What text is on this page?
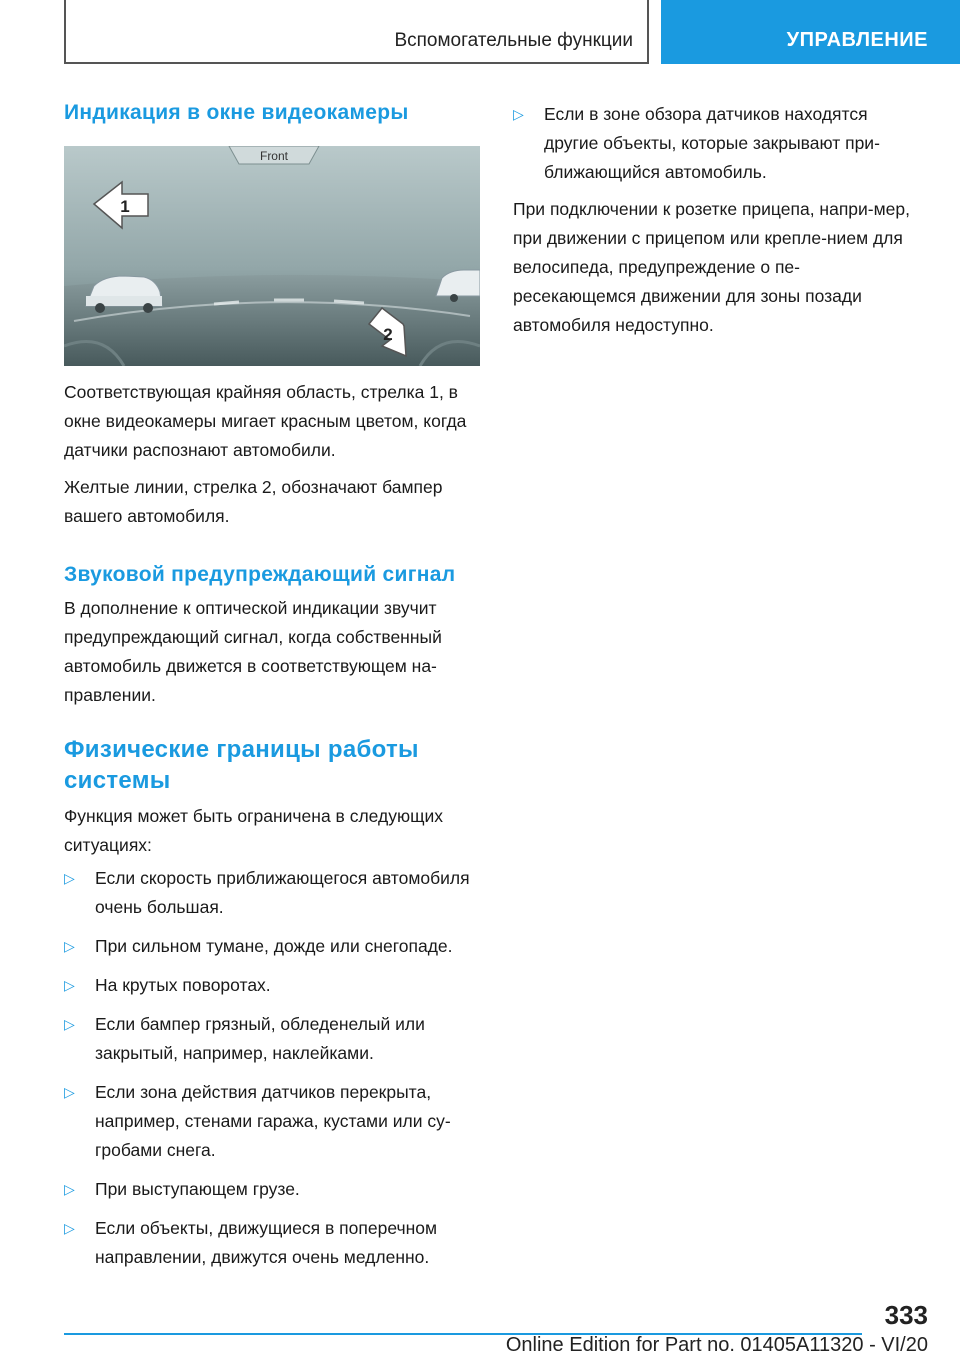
Вспомогательные функции	УПРАВЛЕНИЕ
Индикация в окне видеокамеры
Front
1
2

Соответствующая крайняя область, стрелка 1, в окне видеокамеры мигает красным цветом, когда датчики распознают автомобили.

Желтые линии, стрелка 2, обозначают бампер вашего автомобиля.

Звуковой предупреждающий сигнал

В дополнение к оптической индикации звучит предупреждающий сигнал, когда собственный автомобиль движется в соответствующем на-правлении.

Физические границы работы системы

Функция может быть ограничена в следующих ситуациях:

▷ Если скорость приближающегося автомобиля очень большая.
▷ При сильном тумане, дожде или снегопаде.
▷ На крутых поворотах.
▷ Если бампер грязный, обледенелый или закрытый, например, наклейками.
▷ Если зона действия датчиков перекрыта, например, стенами гаража, кустами или су-гробами снега.
▷ При выступающем грузе.
▷ Если объекты, движущиеся в поперечном направлении, движутся очень медленно.
▷ Если в зоне обзора датчиков находятся другие объекты, которые закрывают при-ближающийся автомобиль.

При подключении к розетке прицепа, напри-мер, при движении с прицепом или крепле-нием для велосипеда, предупреждение о пе-ресекающемся движении для зоны позади автомобиля недоступно.

333
Online Edition for Part no. 01405A11320 - VI/20
